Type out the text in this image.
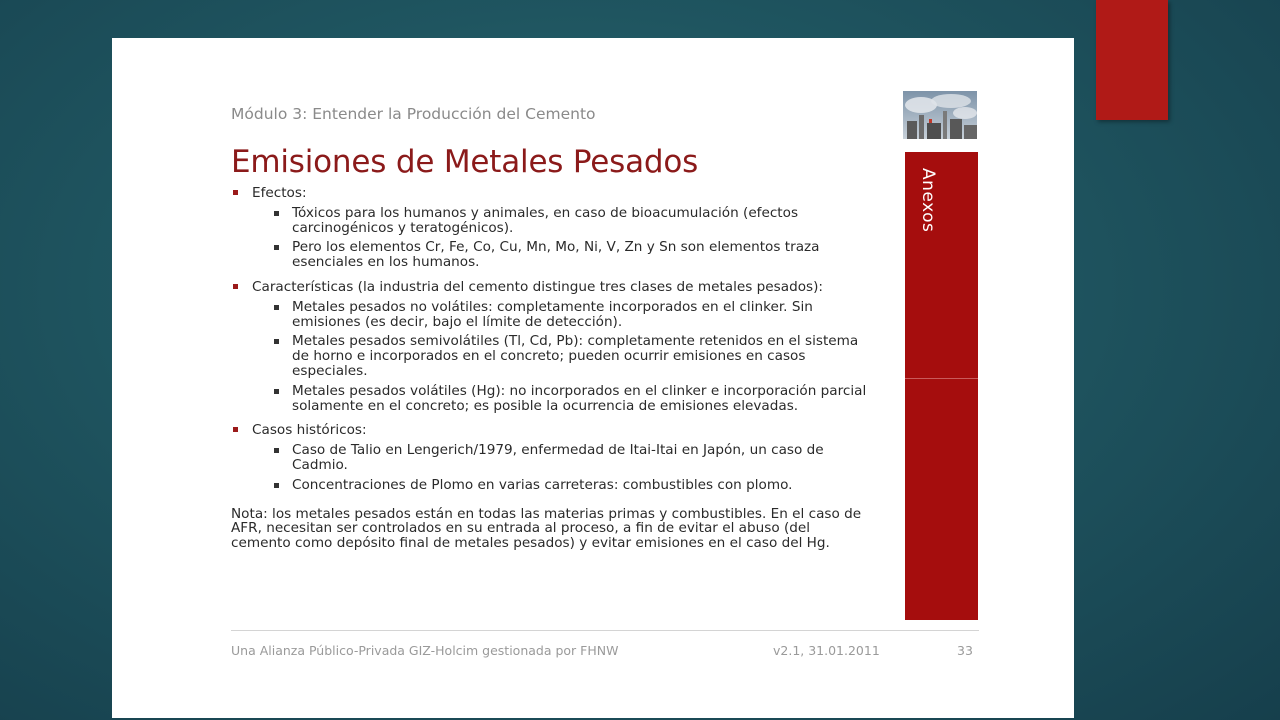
Módulo 3: Entender la Producción del Cemento
Emisiones de Metales Pesados
Efectos:
Tóxicos para los humanos y animales, en caso de bioacumulación (efectos carcinogénicos y teratogénicos).
Pero los elementos Cr, Fe, Co, Cu, Mn, Mo, Ni, V, Zn y Sn son elementos traza esenciales en los humanos.
Características (la industria del cemento distingue tres clases de metales pesados):
Metales pesados no volátiles: completamente incorporados en el clinker. Sin emisiones (es decir, bajo el límite de detección).
Metales pesados semivolátiles (Tl, Cd, Pb): completamente retenidos en el sistema de horno e incorporados en el concreto; pueden ocurrir emisiones en casos especiales.
Metales pesados volátiles (Hg): no incorporados en el clinker e incorporación parcial solamente en el concreto; es posible la ocurrencia de emisiones elevadas.
Casos históricos:
Caso de Talio en Lengerich/1979, enfermedad de Itai-Itai en Japón, un caso de Cadmio.
Concentraciones de Plomo en varias carreteras: combustibles con plomo.
Nota: los metales pesados están en todas las materias primas y combustibles. En el caso de AFR, necesitan ser controlados en su entrada al proceso, a fin de evitar el abuso (del cemento como depósito final de metales pesados) y evitar emisiones en el caso del Hg.
Anexos
Una Alianza Público-Privada GIZ-Holcim gestionada por FHNW	v2.1, 31.01.2011	33
